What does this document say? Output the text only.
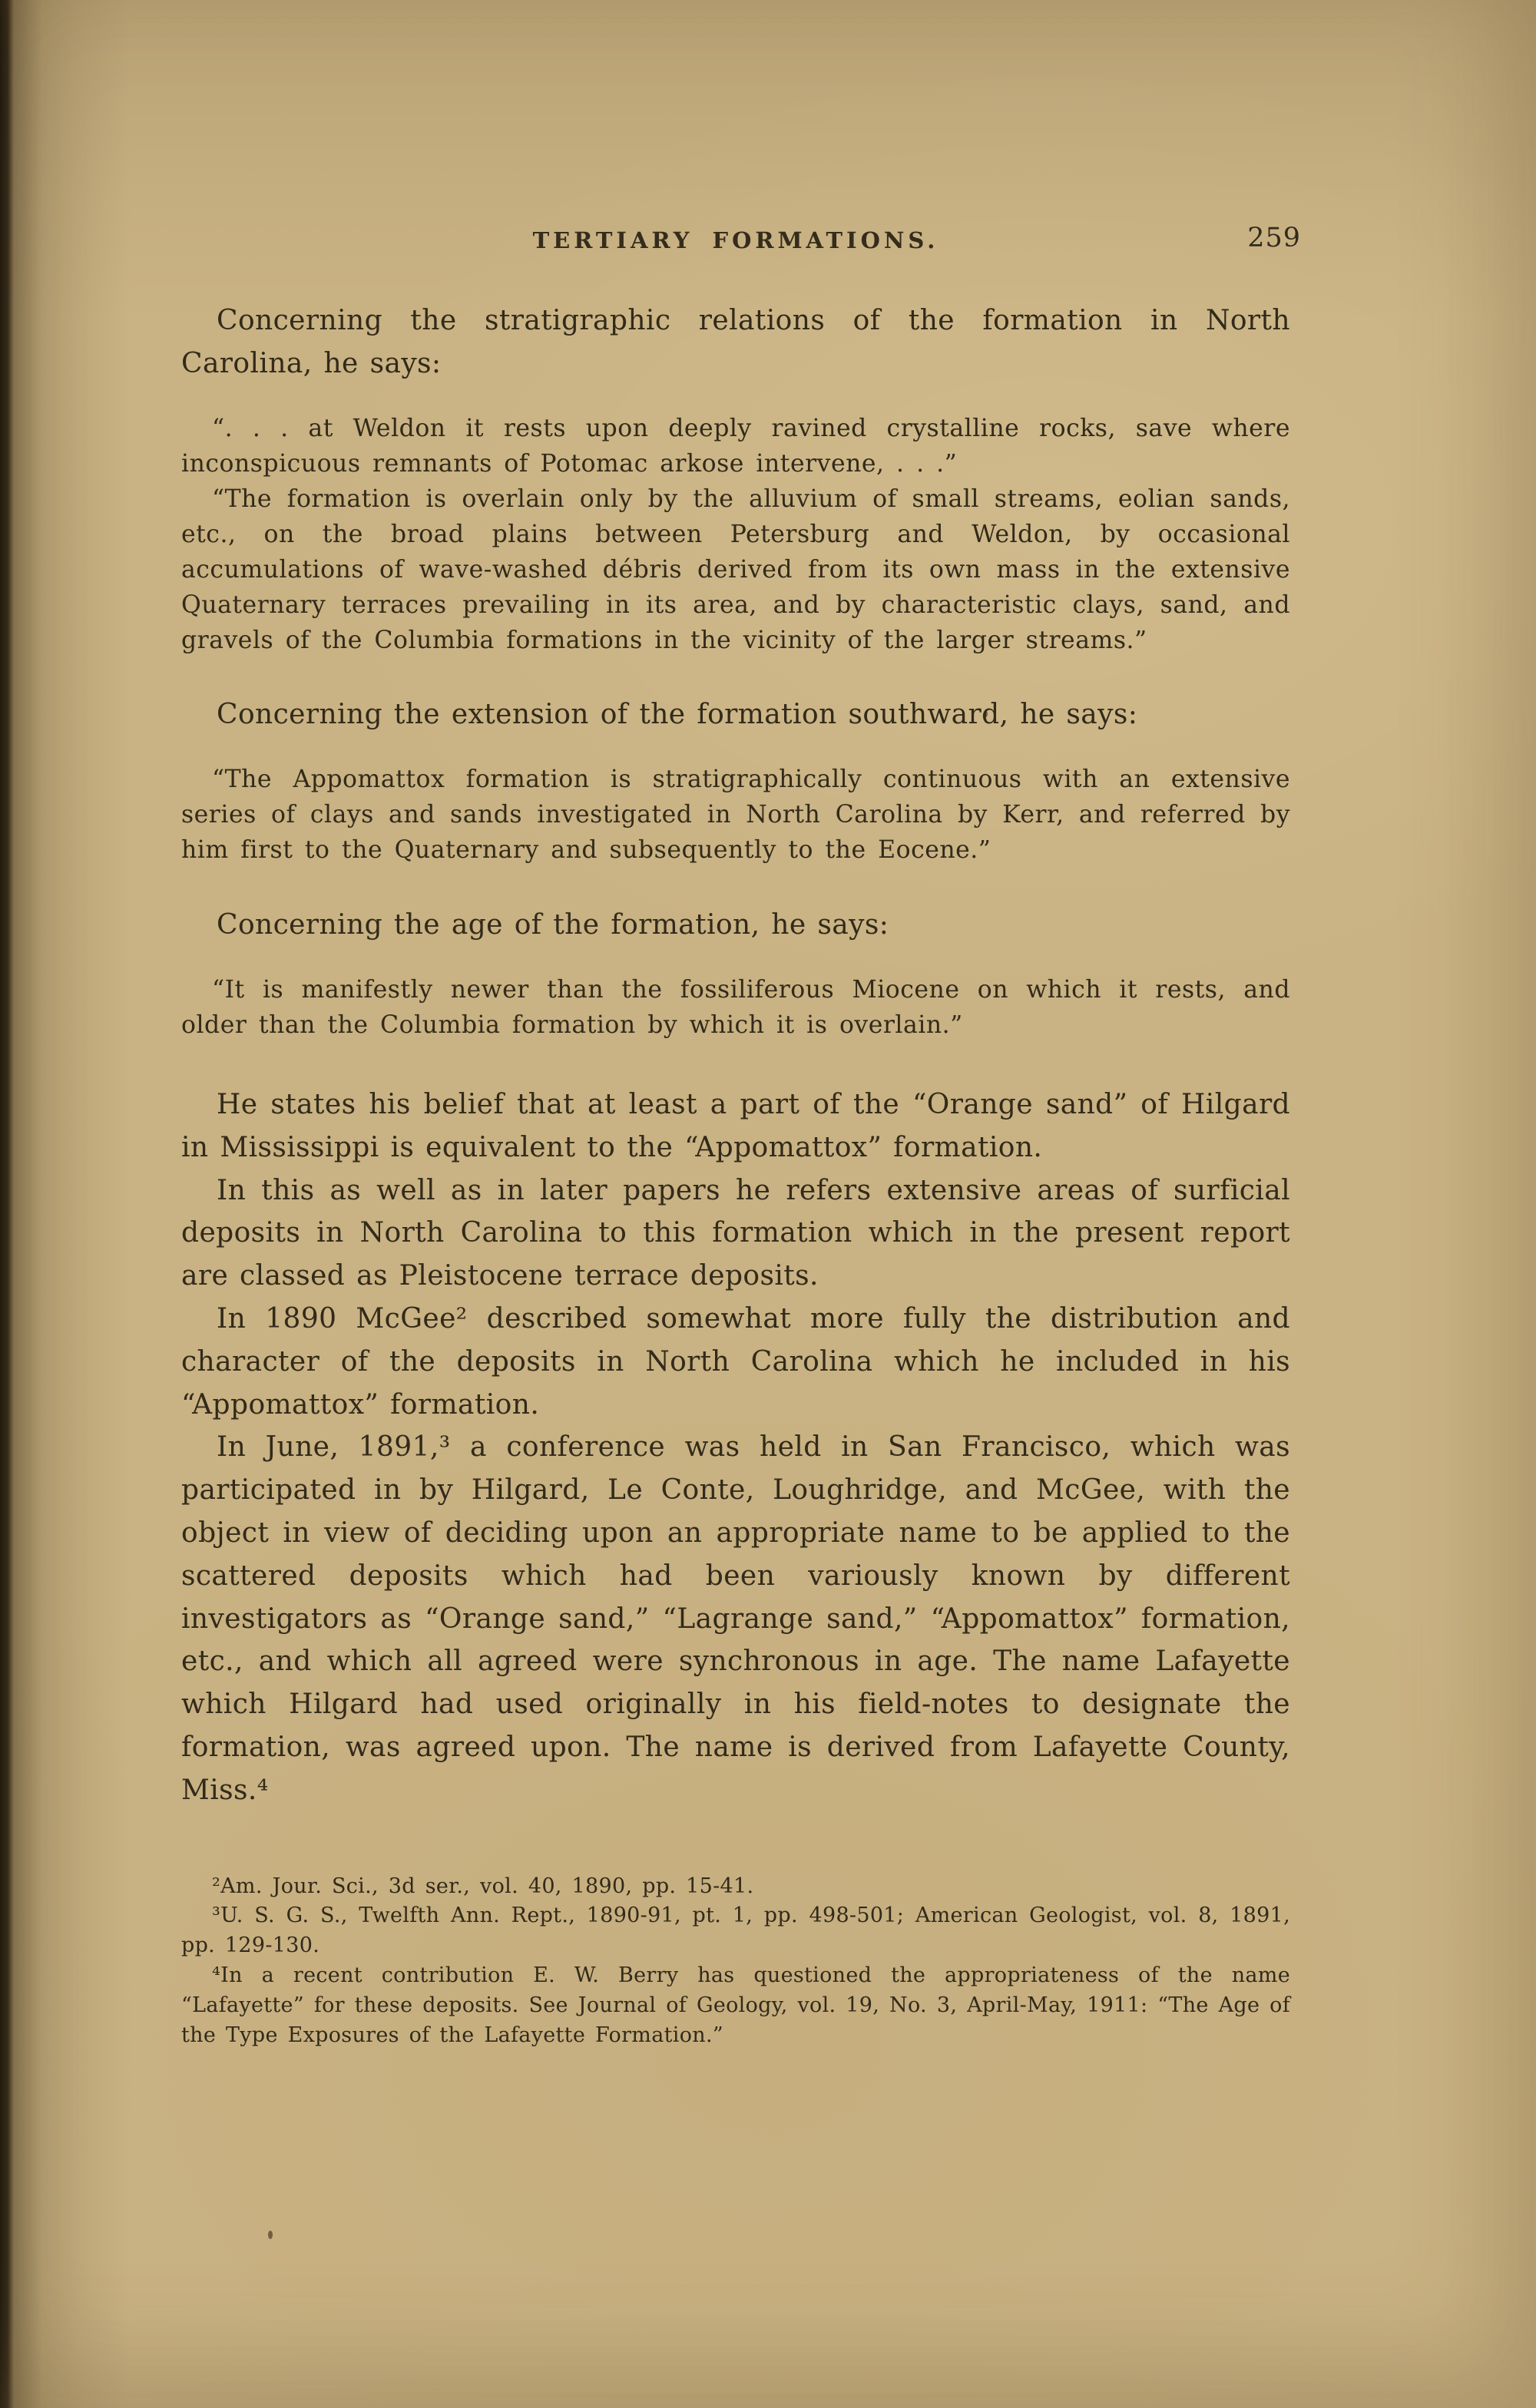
TERTIARY FORMATIONS.	259

Concerning the stratigraphic relations of the formation in North Carolina, he says:

“. . . at Weldon it rests upon deeply ravined crystalline rocks, save where inconspicuous remnants of Potomac arkose intervene, . . .”

“The formation is overlain only by the alluvium of small streams, eolian sands, etc., on the broad plains between Petersburg and Weldon, by occasional accumulations of wave-washed débris derived from its own mass in the extensive Quaternary terraces prevailing in its area, and by characteristic clays, sand, and gravels of the Columbia formations in the vicinity of the larger streams.”

Concerning the extension of the formation southward, he says:

“The Appomattox formation is stratigraphically continuous with an extensive series of clays and sands investigated in North Carolina by Kerr, and referred by him first to the Quaternary and subsequently to the Eocene.”

Concerning the age of the formation, he says:

“It is manifestly newer than the fossiliferous Miocene on which it rests, and older than the Columbia formation by which it is overlain.”

He states his belief that at least a part of the “Orange sand” of Hilgard in Mississippi is equivalent to the “Appomattox” formation.

In this as well as in later papers he refers extensive areas of surficial deposits in North Carolina to this formation which in the present report are classed as Pleistocene terrace deposits.

In 1890 McGee² described somewhat more fully the distribution and character of the deposits in North Carolina which he included in his “Appomattox” formation.

In June, 1891,³ a conference was held in San Francisco, which was participated in by Hilgard, Le Conte, Loughridge, and McGee, with the object in view of deciding upon an appropriate name to be applied to the scattered deposits which had been variously known by different investigators as “Orange sand,” “Lagrange sand,” “Appomattox” formation, etc., and which all agreed were synchronous in age. The name Lafayette which Hilgard had used originally in his field-notes to designate the formation, was agreed upon. The name is derived from Lafayette County, Miss.⁴

²Am. Jour. Sci., 3d ser., vol. 40, 1890, pp. 15-41.

³U. S. G. S., Twelfth Ann. Rept., 1890-91, pt. 1, pp. 498-501; American Geologist, vol. 8, 1891, pp. 129-130.

⁴In a recent contribution E. W. Berry has questioned the appropriateness of the name “Lafayette” for these deposits. See Journal of Geology, vol. 19, No. 3, April-May, 1911: “The Age of the Type Exposures of the Lafayette Formation.”
